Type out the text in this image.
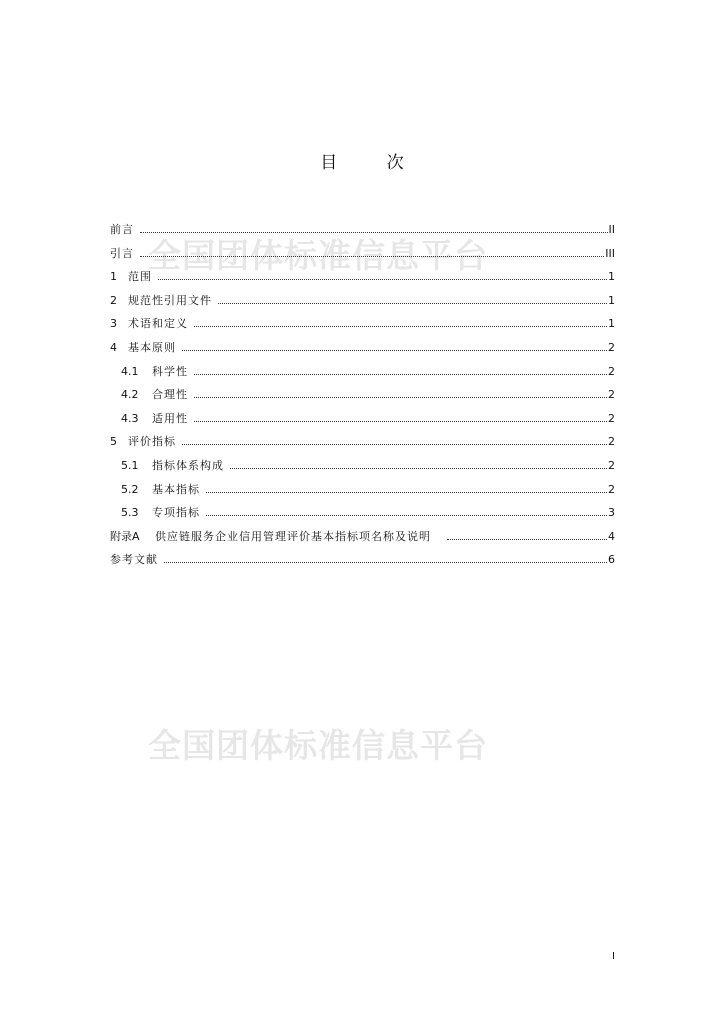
目 次
全国团体标准信息平台
全国团体标准信息平台
前言	II
引言	III
1	范围	1
2	规范性引用文件	1
3	术语和定义	1
4	基本原则	2
4.1	科学性	2
4.2	合理性	2
4.3	适用性	2
5	评价指标	2
5.1	指标体系构成	2
5.2	基本指标	2
5.3	专项指标	3
附录A	供应链服务企业信用管理评价基本指标项名称及说明	4
参考文献	6
I
